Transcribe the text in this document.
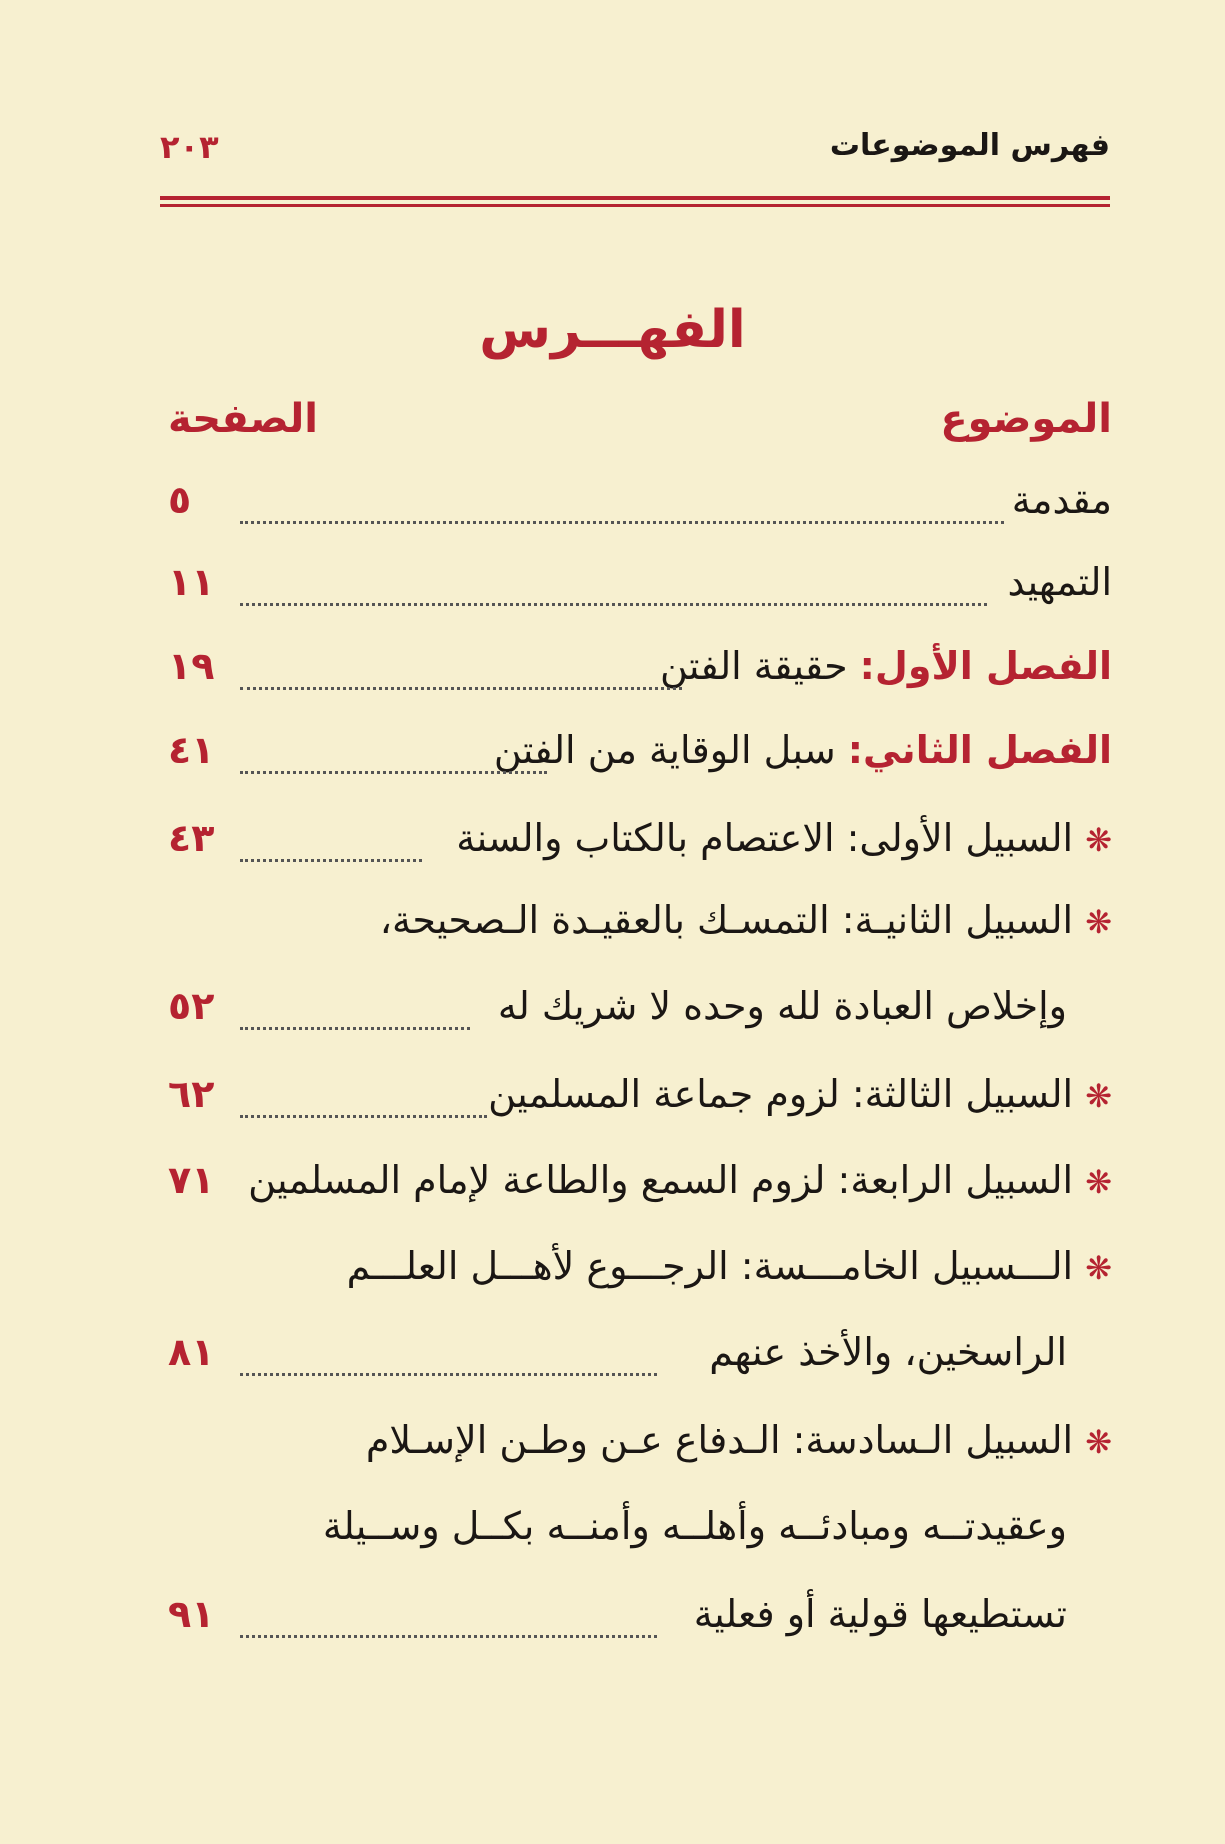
فهرس الموضوعات
٢٠٣
الفهـــرس
الموضوع
الصفحة
مقدمة
٥
التمهيد
١١
الفصل الأول: حقيقة الفتن
١٩
الفصل الثاني: سبل الوقاية من الفتن
٤١
❋ السبيل الأولى: الاعتصام بالكتاب والسنة
٤٣
❋ السبيل الثانيـة: التمسـك بالعقيـدة الـصحيحة،
وإخلاص العبادة لله وحده لا شريك له
٥٢
❋ السبيل الثالثة: لزوم جماعة المسلمين
٦٢
❋ السبيل الرابعة: لزوم السمع والطاعة لإمام المسلمين
٧١
❋ الـــسبيل الخامـــسة: الرجـــوع لأهـــل العلـــم
الراسخين، والأخذ عنهم
٨١
❋ السبيل الـسادسة: الـدفاع عـن وطـن الإسـلام
وعقيدتــه ومبادئــه وأهلــه وأمنــه بكــل وســيلة
تستطيعها قولية أو فعلية
٩١
